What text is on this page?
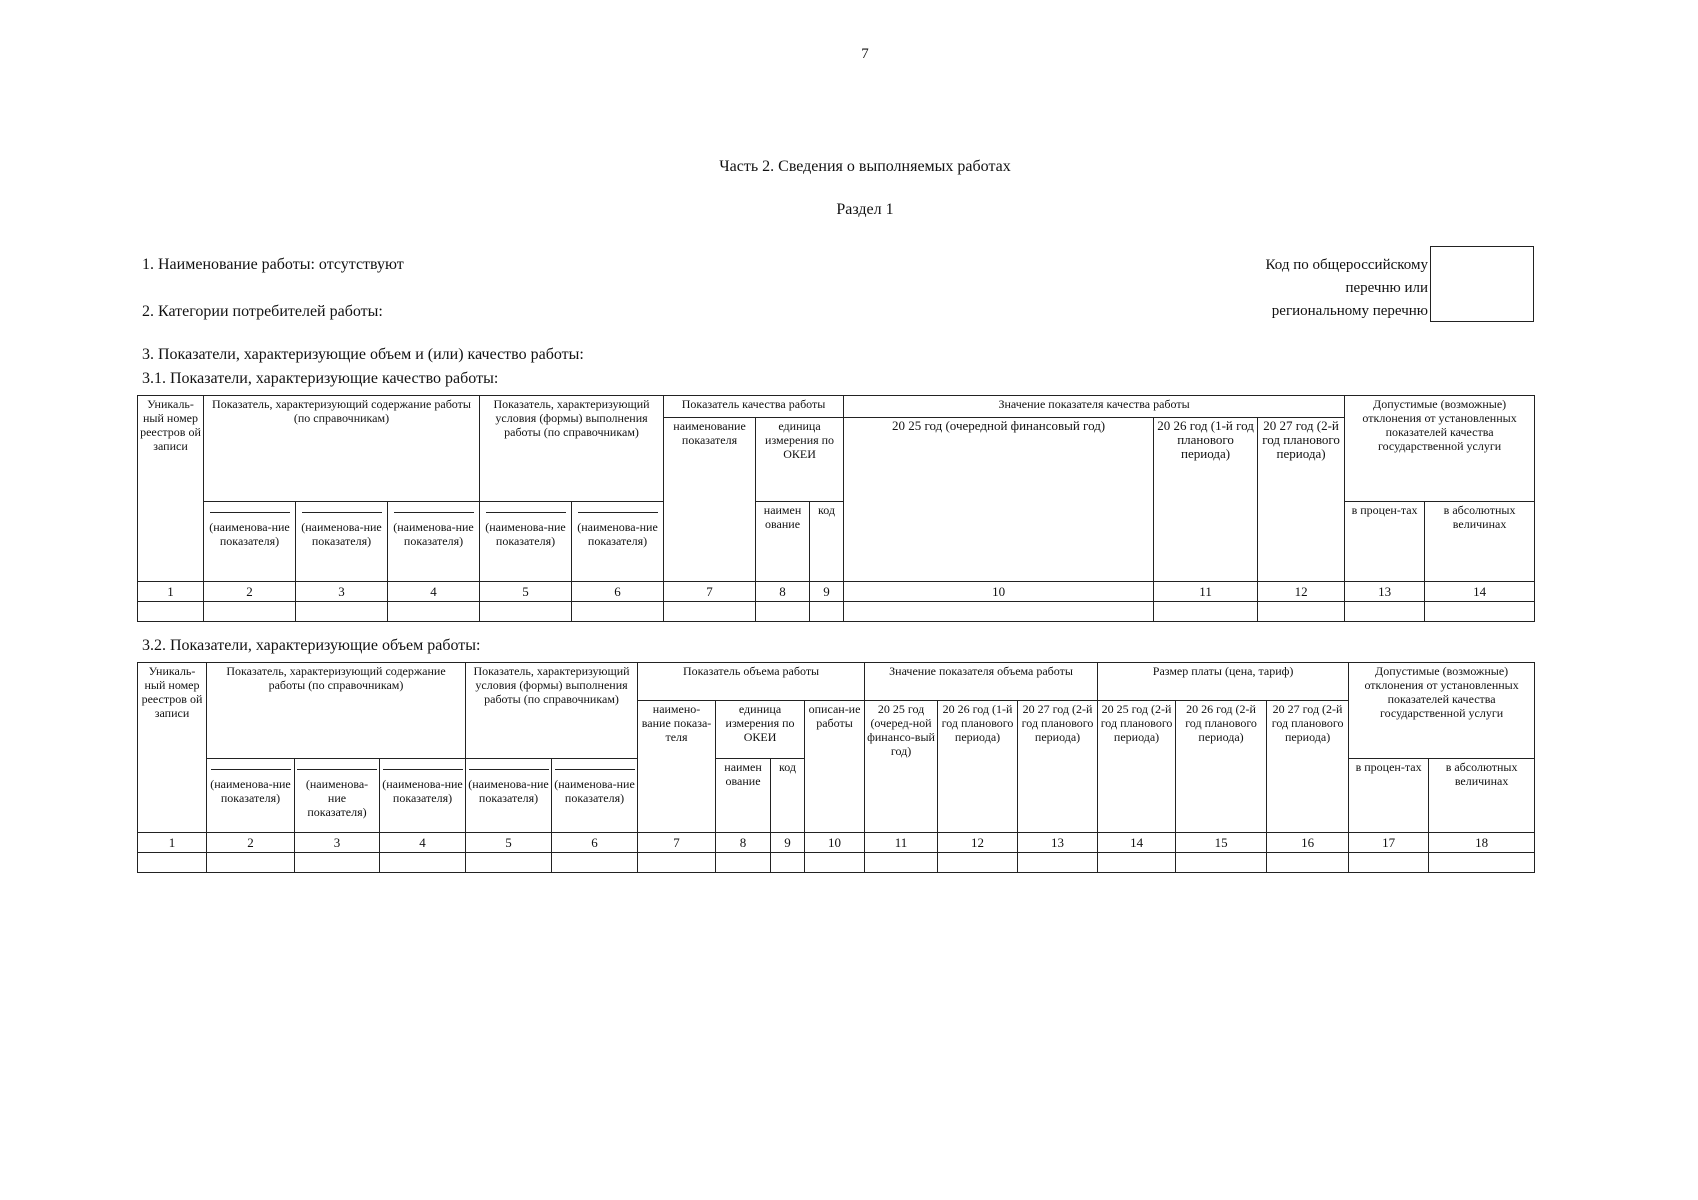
7
Часть 2. Сведения о выполняемых работах
Раздел 1
1. Наименование работы: отсутствуют
2. Категории потребителей работы:
3. Показатели, характеризующие объем и (или) качество работы:
3.1. Показатели, характеризующие качество работы:
3.2. Показатели, характеризующие объем работы:
Код по общероссийскому
перечню или
региональному перечню
Уникаль-ный номер реестров ой записи	Показатель, характеризующий содержание работы (по справочникам)			Показатель, характеризующий условия (формы) выполнения работы (по справочникам)		Показатель качества работы			Значение показателя качества работы			Допустимые (возможные) отклонения от установленных показателей качества государственной услуги	
						наименование показателя	единица измерения по ОКЕИ		20 25 год (очередной финансовый год)	20 26 год (1-й год планового периода)	20 27 год (2-й год планового периода)		

(наименова-ние показателя)	(наименова-ние показателя)	(наименова-ние показателя)	(наименова-ние показателя)	(наименова-ние показателя)		наимен ование	код				в процен-тах	в абсолютных величинах
1	2	3	4	5	6	7	8	9	10	11	12	13	14

Уникаль-ный номер реестров ой записи	Показатель, характеризующий содержание работы (по справочникам)			Показатель, характеризующий условия (формы) выполнения работы (по справочникам)		Показатель объема работы				Значение показателя объема работы			Размер платы (цена, тариф)			Допустимые (возможные) отклонения от установленных показателей качества государственной услуги	
						наимено-вание показа-теля	единица измерения по ОКЕИ		описан-ие работы	20 25 год (очеред-ной финансо-вый год)	20 26 год (1-й год планового периода)	20 27 год (2-й год планового периода)	20 25 год (2-й год планового периода)	20 26 год (2-й год планового периода)	20 27 год (2-й год планового периода)		

(наименова-ние показателя)	(наименова-ние показателя)	(наименова-ние показателя)	(наименова-ние показателя)	(наименова-ние показателя)		наимен ование	код								в процен-тах	в абсолютных величинах
1	2	3	4	5	6	7	8	9	10	11	12	13	14	15	16	17	18
